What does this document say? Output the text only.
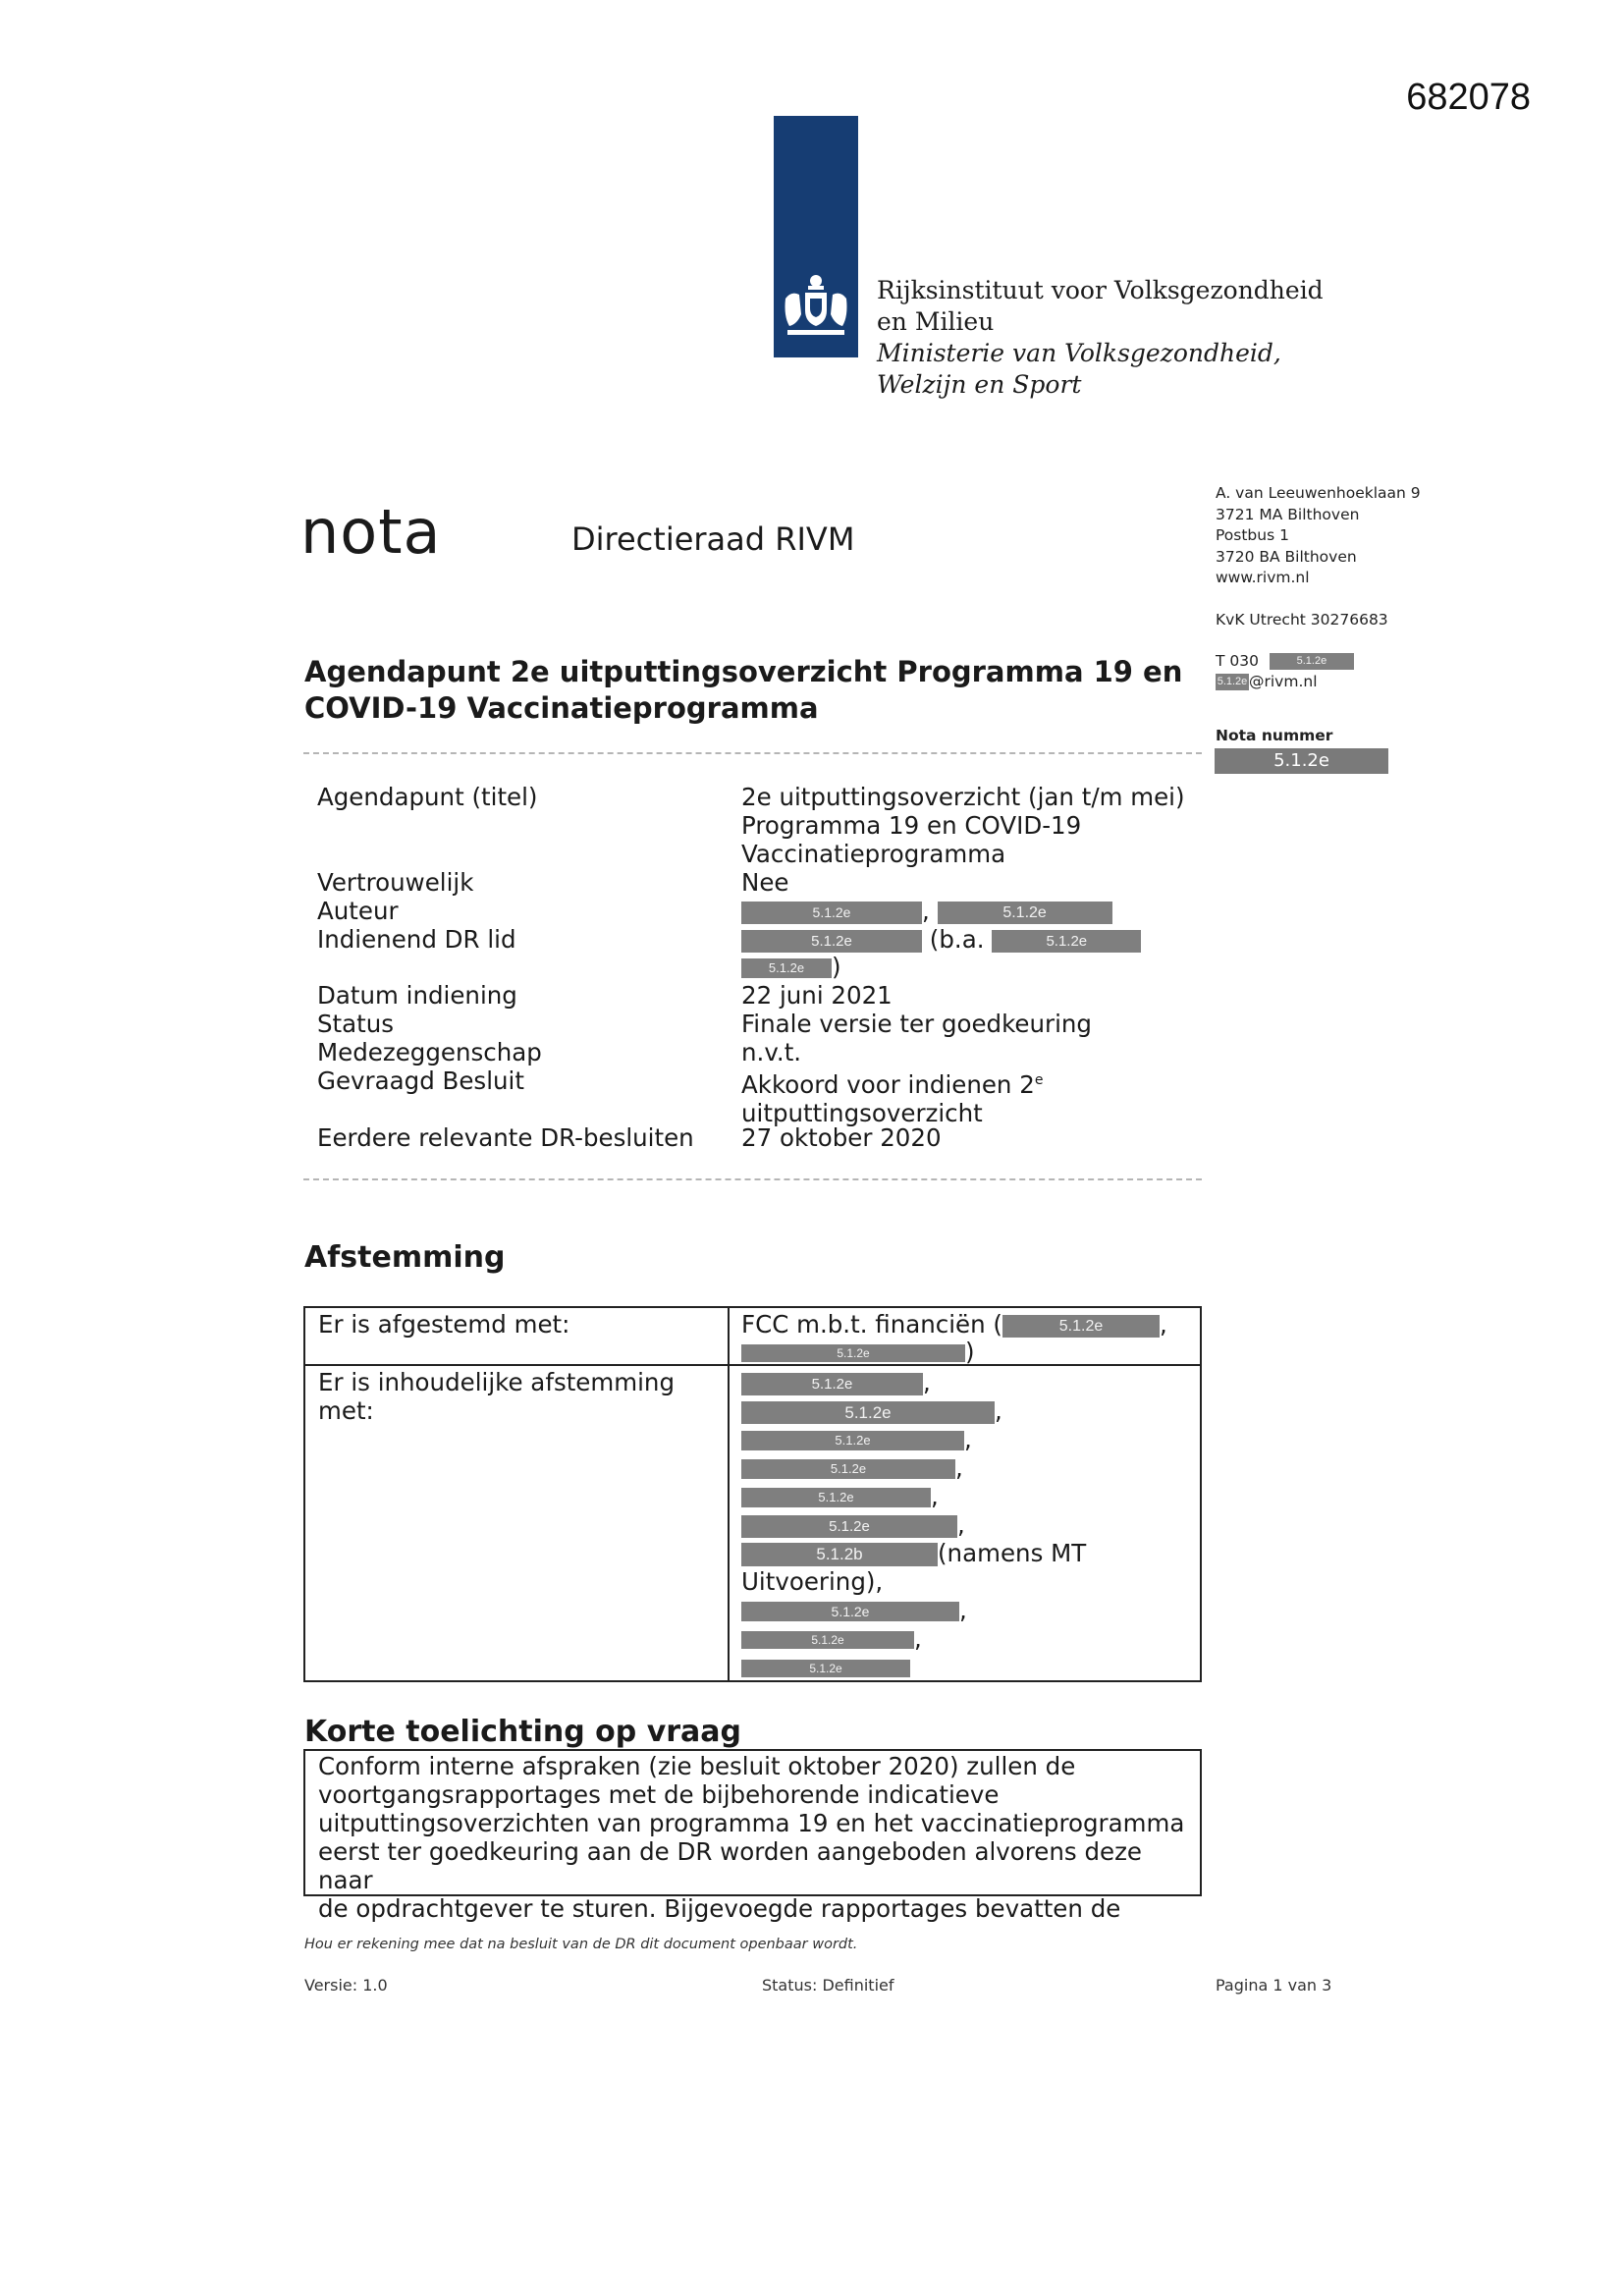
682078
Rijksinstituut voor Volksgezondheid
en Milieu
Ministerie van Volksgezondheid,
Welzijn en Sport
nota	Directieraad RIVM
A. van Leeuwenhoeklaan 9
3721 MA Bilthoven
Postbus 1
3720 BA Bilthoven
www.rivm.nl
KvK Utrecht 30276683
T 030	5.1.2e
5.1.2e @rivm.nl
Nota nummer
5.1.2e
Agendapunt 2e uitputtingsoverzicht Programma 19 en COVID-19 Vaccinatieprogramma
Agendapunt (titel)	2e uitputtingsoverzicht (jan t/m mei)
Programma 19 en COVID-19
Vaccinatieprogramma
Vertrouwelijk	Nee
Auteur	5.1.2e	,	5.1.2e
Indienend DR lid	5.1.2e	(b.a.	5.1.2e
5.1.2e )
Datum indiening	22 juni 2021
Status	Finale versie ter goedkeuring
Medezeggenschap	n.v.t.
Gevraagd Besluit	Akkoord voor indienen 2e
uitputtingsoverzicht
Eerdere relevante DR-besluiten 27 oktober 2020
Afstemming
Er is afgestemd met:	FCC m.b.t. financiën (	5.1.2e ,
5.1.2e	)
Er is inhoudelijke afstemming met:
5.1.2e	,
5.1.2e	,
5.1.2e	,
5.1.2e	,
5.1.2e	,
5.1.2e	,
5.1.2b	(namens MT
Uitvoering),
5.1.2e	,
5.1.2e	,
5.1.2e
Korte toelichting op vraag
Conform interne afspraken (zie besluit oktober 2020) zullen de
voortgangsrapportages met de bijbehorende indicatieve
uitputtingsoverzichten van programma 19 en het vaccinatieprogramma
eerst ter goedkeuring aan de DR worden aangeboden alvorens deze naar
de opdrachtgever te sturen. Bijgevoegde rapportages bevatten de
Hou er rekening mee dat na besluit van de DR dit document openbaar wordt.
Versie: 1.0	Status: Definitief	Pagina 1 van 3
